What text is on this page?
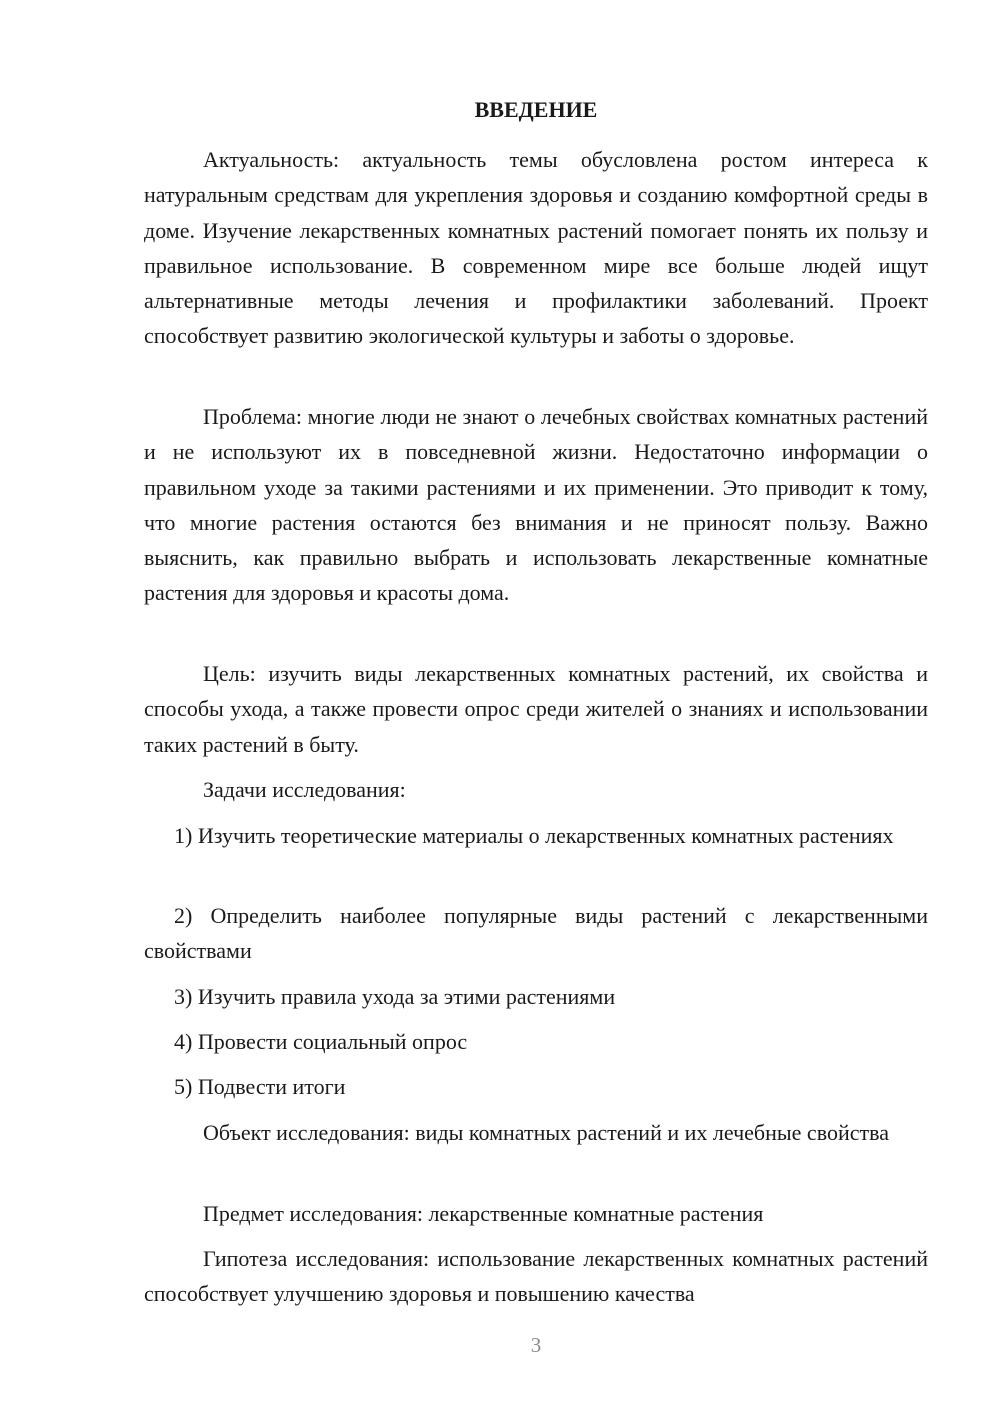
ВВЕДЕНИЕ

Актуальность: актуальность темы обусловлена ростом интереса к натуральным средствам для укрепления здоровья и созданию комфортной среды в доме. Изучение лекарственных комнатных растений помогает понять их пользу и правильное использование. В современном мире все больше людей ищут альтернативные методы лечения и профилактики заболеваний. Проект способствует развитию экологической культуры и заботы о здоровье.

Проблема: многие люди не знают о лечебных свойствах комнатных растений и не используют их в повседневной жизни. Недостаточно информации о правильном уходе за такими растениями и их применении. Это приводит к тому, что многие растения остаются без внимания и не приносят пользу. Важно выяснить, как правильно выбрать и использовать лекарственные комнатные растения для здоровья и красоты дома.

Цель: изучить виды лекарственных комнатных растений, их свойства и способы ухода, а также провести опрос среди жителей о знаниях и использовании таких растений в быту.

Задачи исследования:

1) Изучить теоретические материалы о лекарственных комнатных растениях

2) Определить наиболее популярные виды растений с лекарственными свойствами

3) Изучить правила ухода за этими растениями

4) Провести социальный опрос

5) Подвести итоги

Объект исследования: виды комнатных растений и их лечебные свойства

Предмет исследования: лекарственные комнатные растения

Гипотеза исследования: использование лекарственных комнатных растений способствует улучшению здоровья и повышению качества

3
